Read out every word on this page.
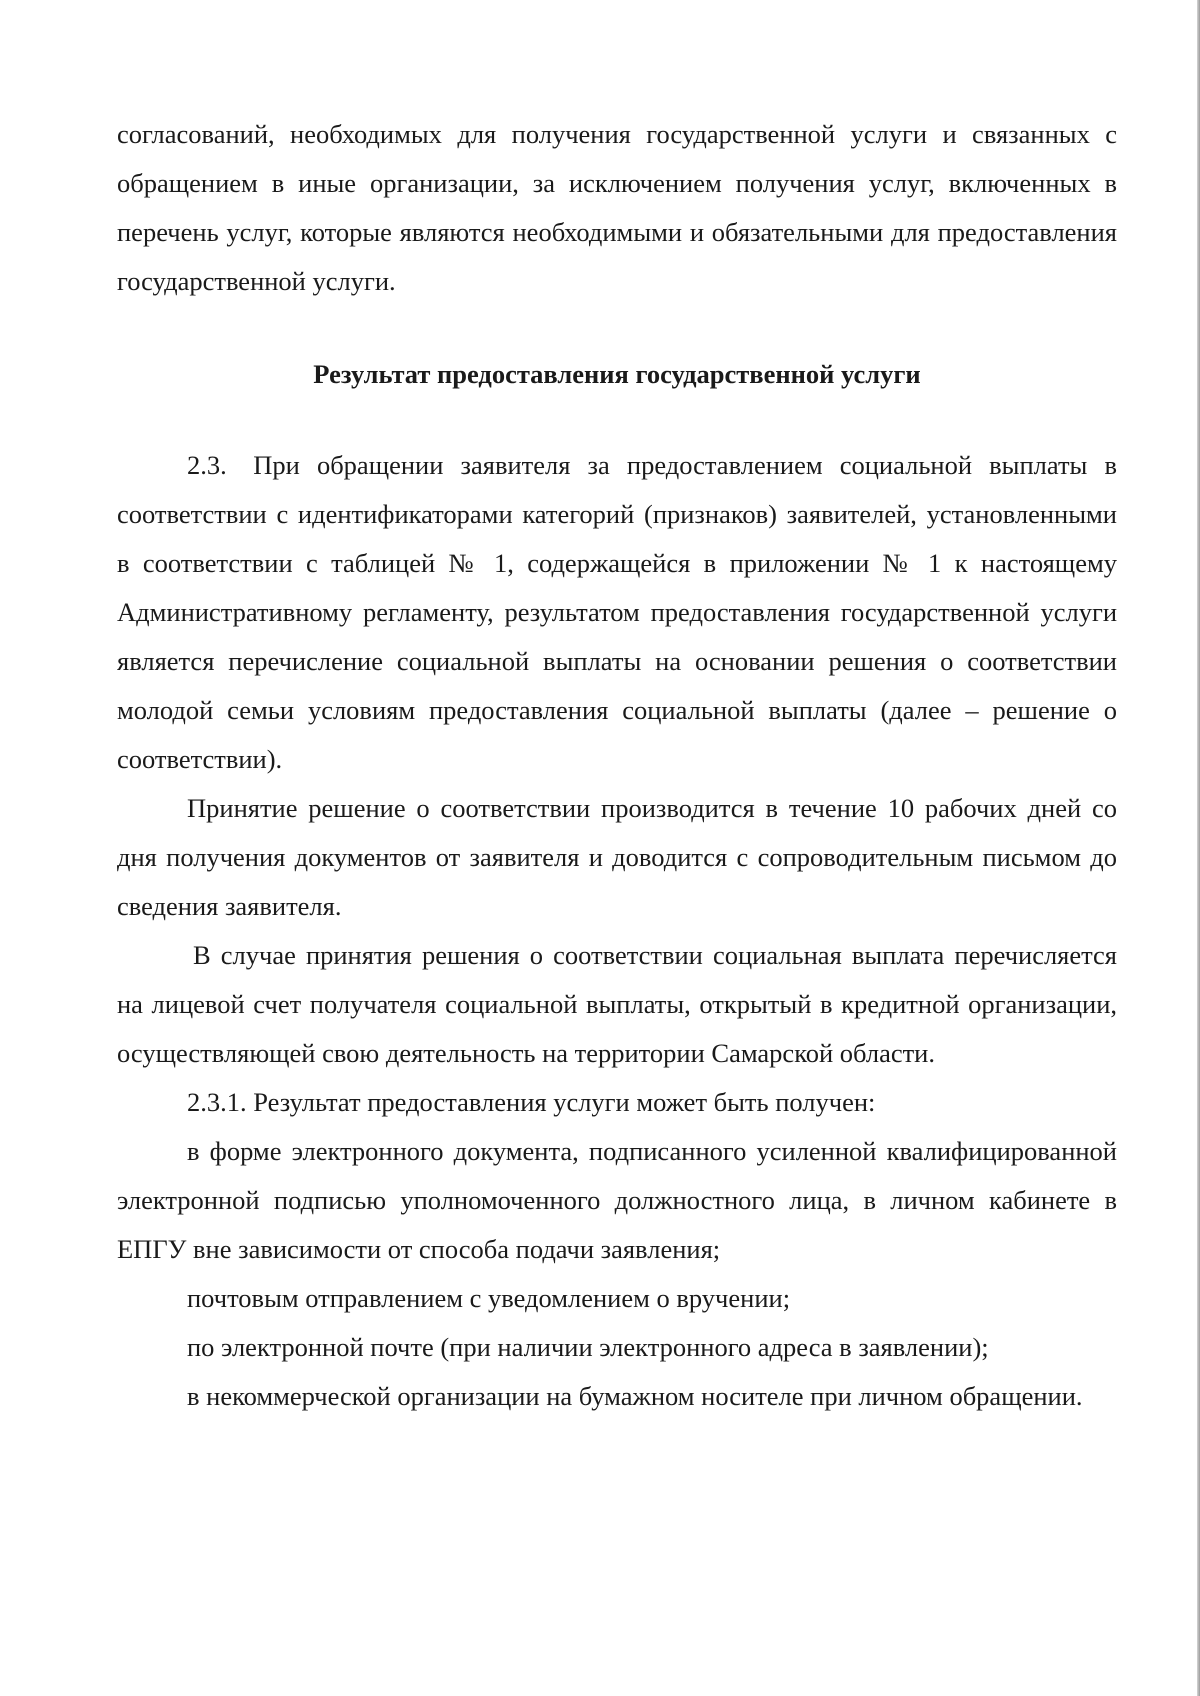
согласований, необходимых для получения государственной услуги и связанных с обращением в иные организации, за исключением получения услуг, включенных в перечень услуг, которые являются необходимыми и обязательными для предоставления государственной услуги.

Результат предоставления государственной услуги

2.3. При обращении заявителя за предоставлением социальной выплаты в соответствии с идентификаторами категорий (признаков) заявителей, установленными в соответствии с таблицей № 1, содержащейся в приложении № 1 к настоящему Административному регламенту, результатом предоставления государственной услуги является перечисление социальной выплаты на основании решения о соответствии молодой семьи условиям предоставления социальной выплаты (далее – решение о соответствии).

Принятие решение о соответствии производится в течение 10 рабочих дней со дня получения документов от заявителя и доводится с сопроводительным письмом до сведения заявителя.

В случае принятия решения о соответствии социальная выплата перечисляется на лицевой счет получателя социальной выплаты, открытый в кредитной организации, осуществляющей свою деятельность на территории Самарской области.

2.3.1. Результат предоставления услуги может быть получен:

в форме электронного документа, подписанного усиленной квалифицированной электронной подписью уполномоченного должностного лица, в личном кабинете в ЕПГУ вне зависимости от способа подачи заявления;

почтовым отправлением с уведомлением о вручении;

по электронной почте (при наличии электронного адреса в заявлении);

в некоммерческой организации на бумажном носителе при личном обращении.
